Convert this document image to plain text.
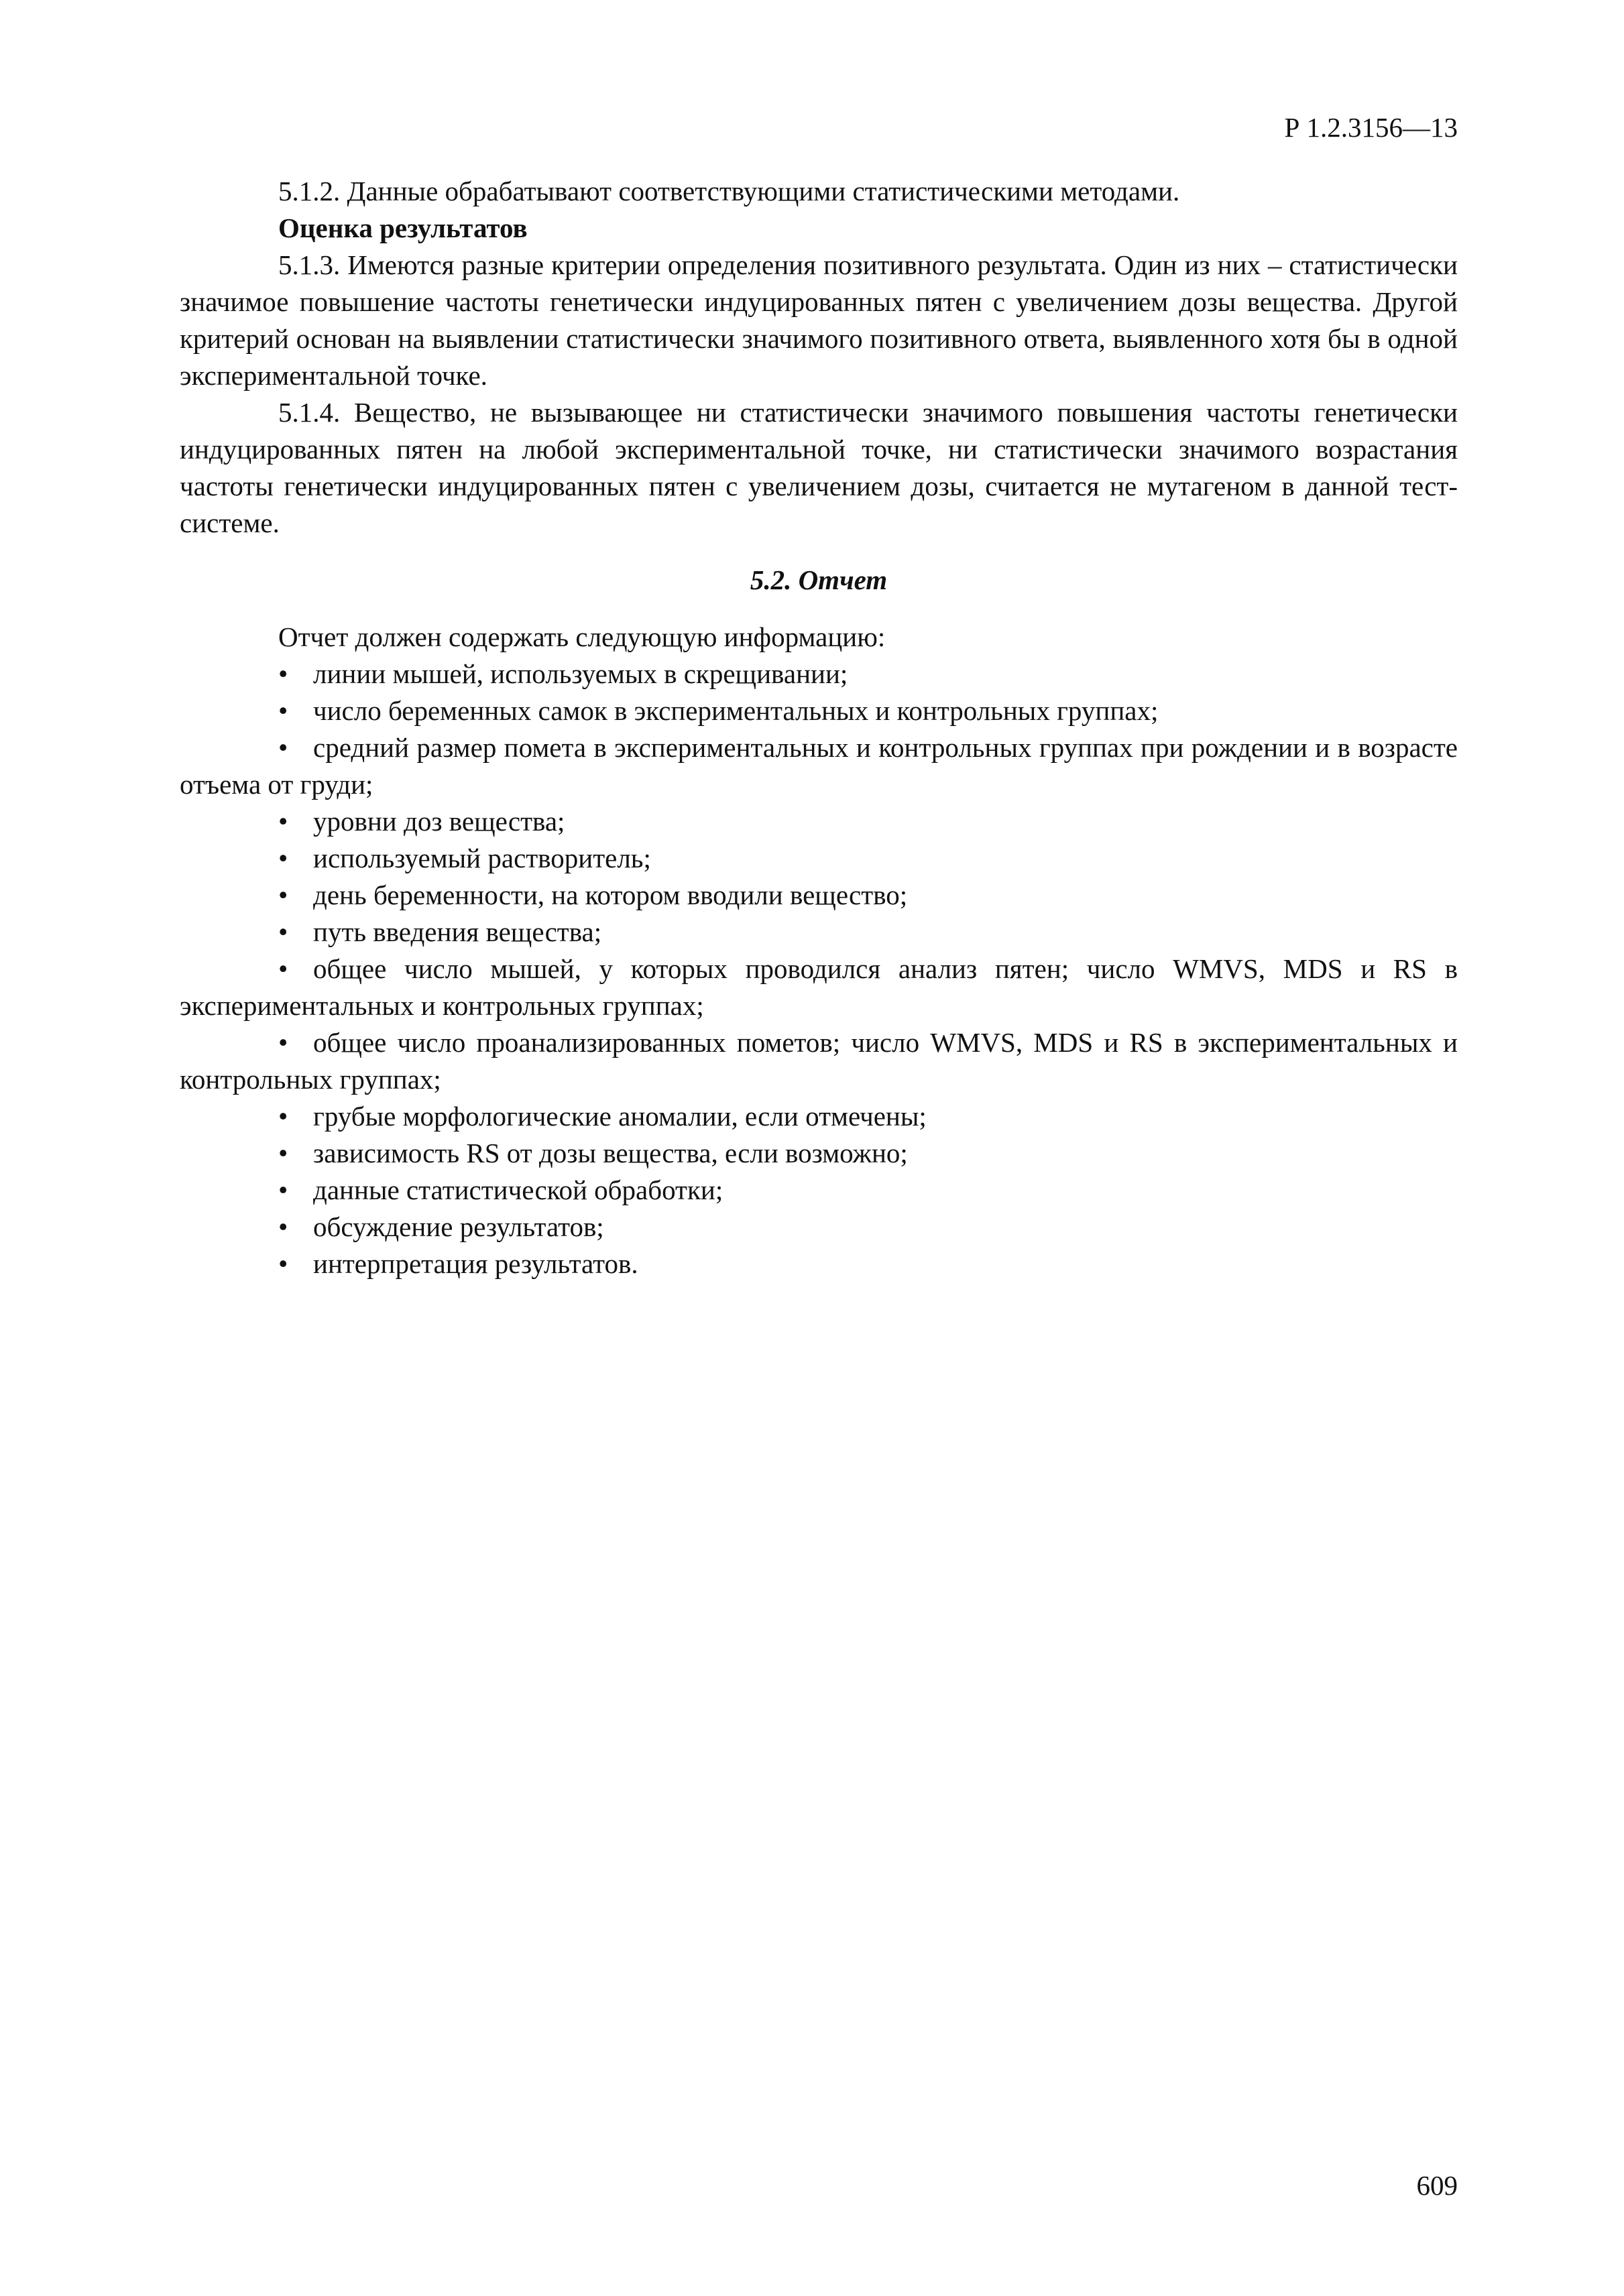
Р 1.2.3156—13

5.1.2. Данные обрабатывают соответствующими статистическими методами.

Оценка результатов

5.1.3. Имеются разные критерии определения позитивного результата. Один из них – статистически значимое повышение частоты генетически индуцированных пятен с увеличением дозы вещества. Другой критерий основан на выявлении статистически значимого позитивного ответа, выявленного хотя бы в одной экспериментальной точке.

5.1.4. Вещество, не вызывающее ни статистически значимого повышения частоты генетически индуцированных пятен на любой экспериментальной точке, ни статистически значимого возрастания частоты генетически индуцированных пятен с увеличением дозы, считается не мутагеном в данной тест-системе.

5.2. Отчет

Отчет должен содержать следующую информацию:

• линии мышей, используемых в скрещивании;
• число беременных самок в экспериментальных и контрольных группах;
• средний размер помета в экспериментальных и контрольных группах при рождении и в возрасте отъема от груди;
• уровни доз вещества;
• используемый растворитель;
• день беременности, на котором вводили вещество;
• путь введения вещества;
• общее число мышей, у которых проводился анализ пятен; число WMVS, MDS и RS в экспериментальных и контрольных группах;
• общее число проанализированных пометов; число WMVS, MDS и RS в экспериментальных и контрольных группах;
• грубые морфологические аномалии, если отмечены;
• зависимость RS от дозы вещества, если возможно;
• данные статистической обработки;
• обсуждение результатов;
• интерпретация результатов.
609
